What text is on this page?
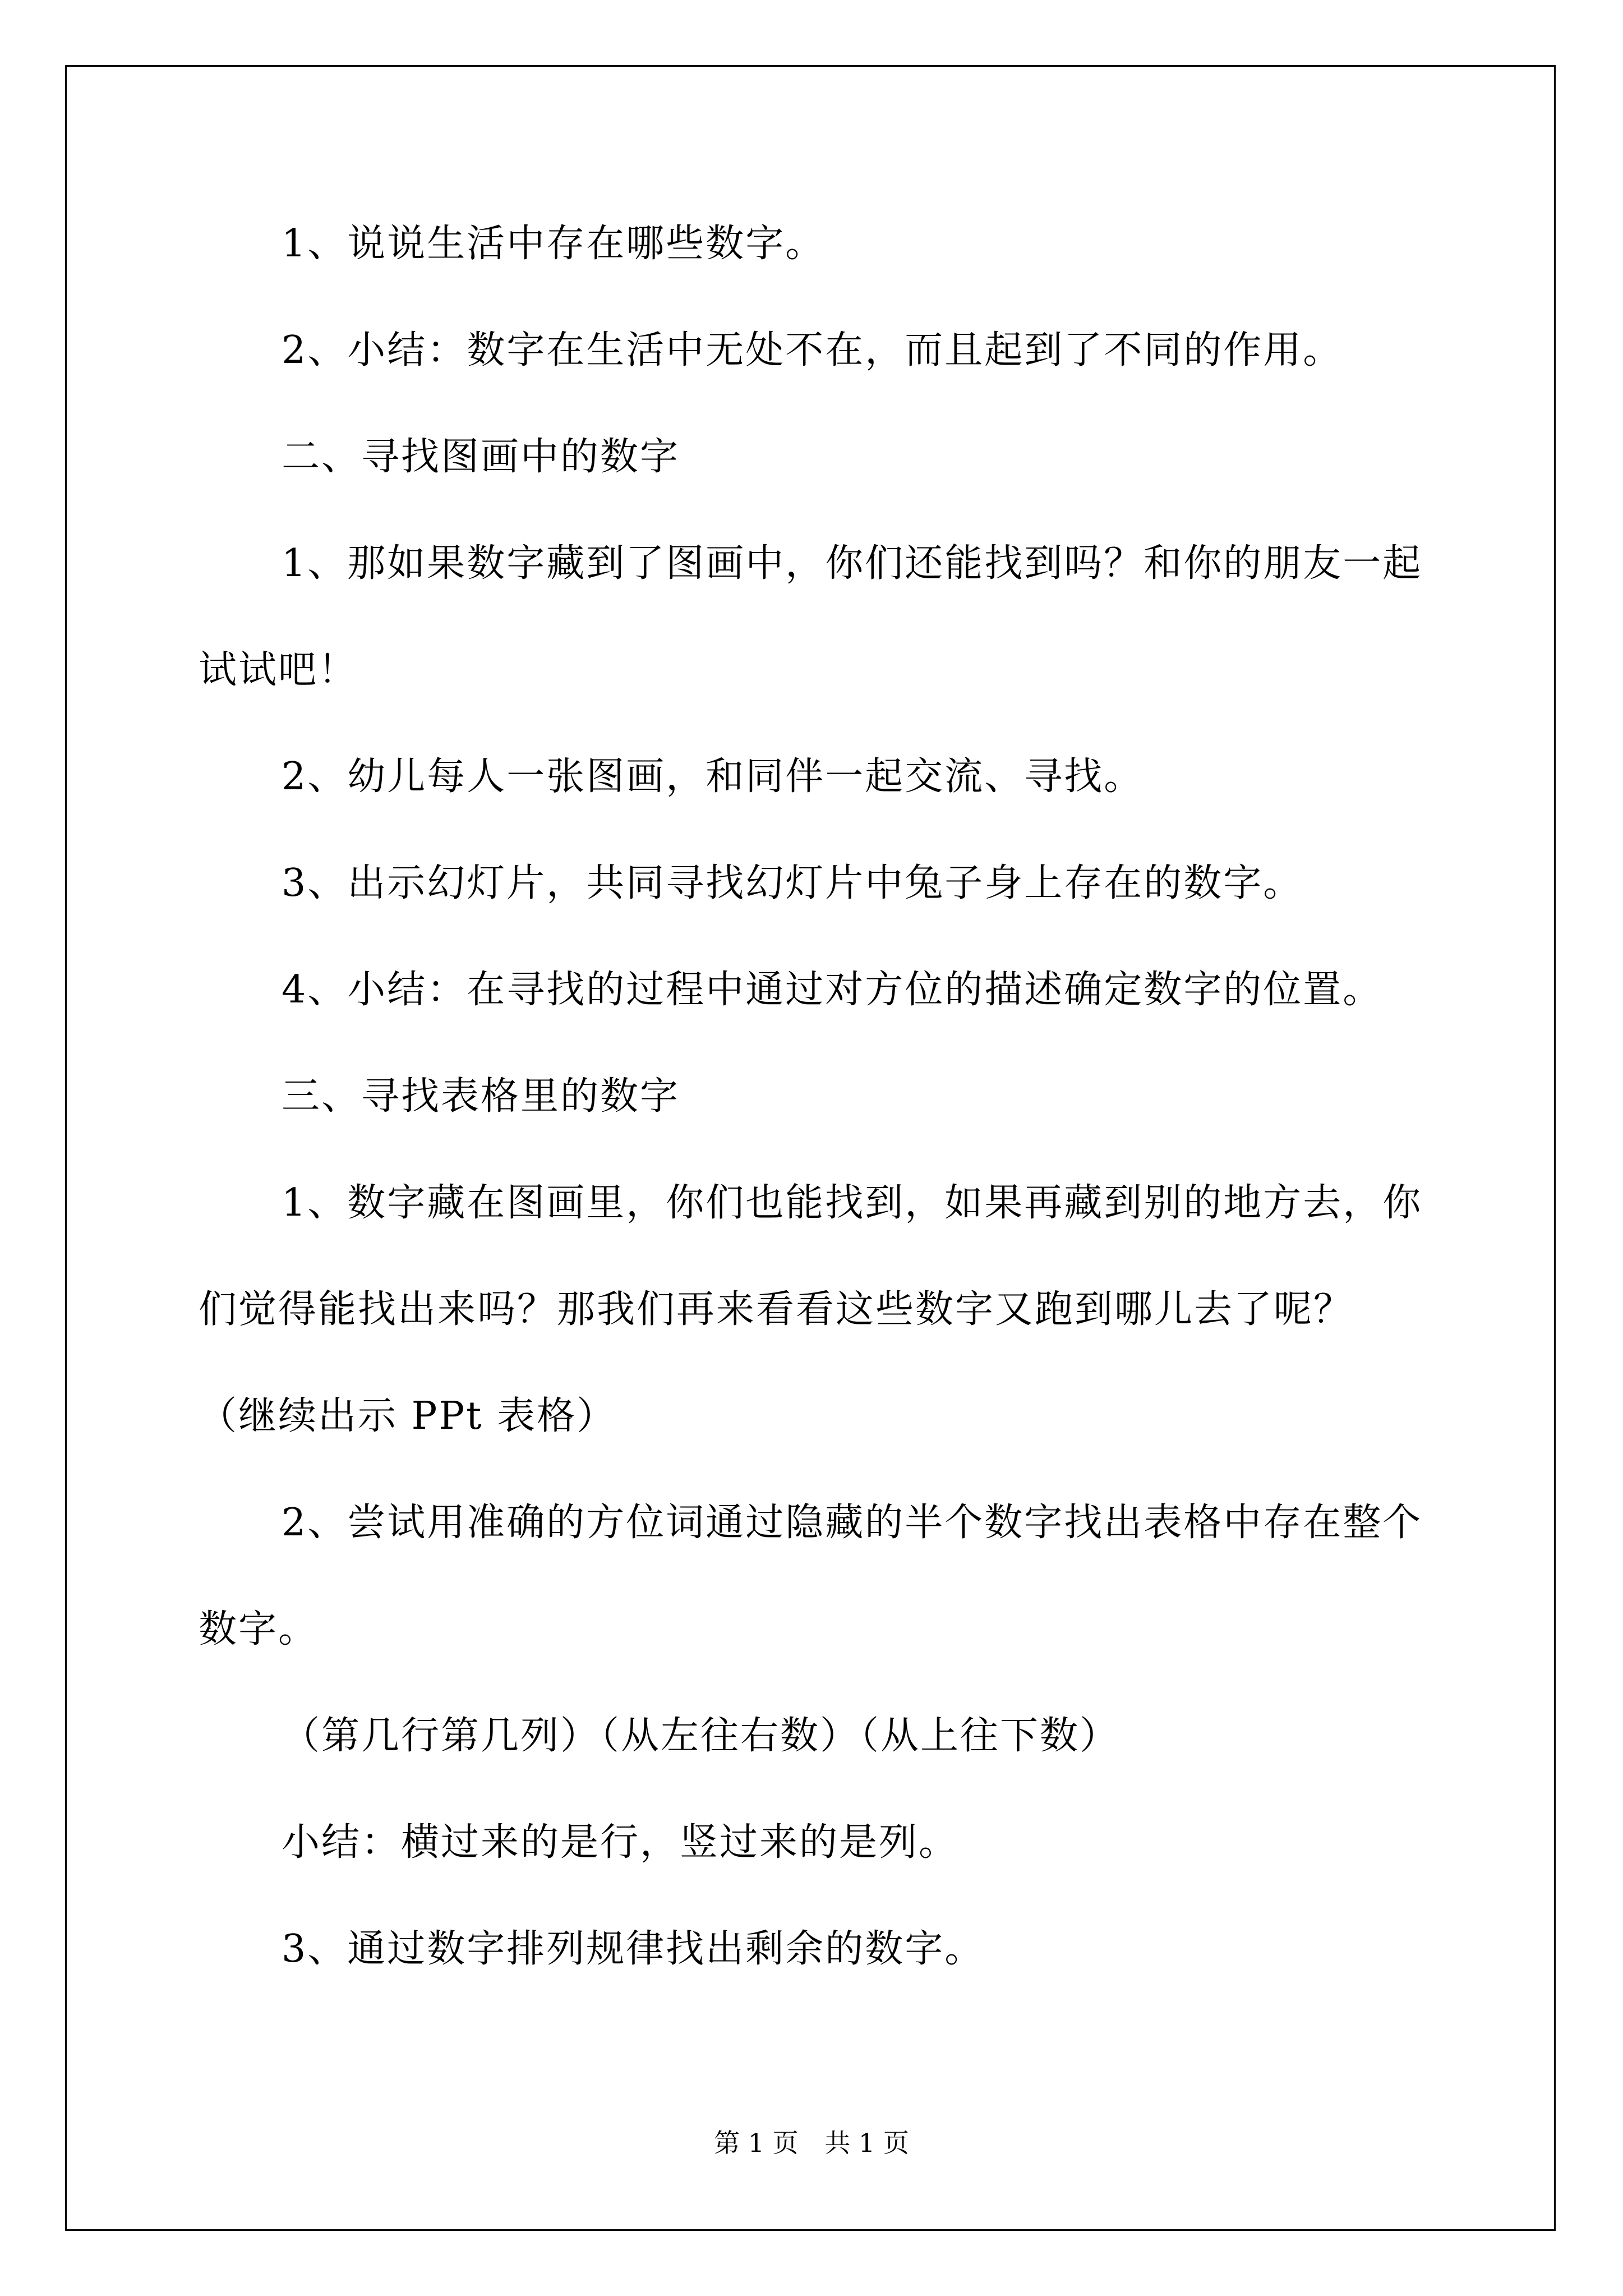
1、说说生活中存在哪些数字。

2、小结：数字在生活中无处不在，而且起到了不同的作用。

二、寻找图画中的数字

1、那如果数字藏到了图画中，你们还能找到吗？和你的朋友一起

试试吧！

2、幼儿每人一张图画，和同伴一起交流、寻找。

3、出示幻灯片，共同寻找幻灯片中兔子身上存在的数字。

4、小结：在寻找的过程中通过对方位的描述确定数字的位置。

三、寻找表格里的数字

1、数字藏在图画里，你们也能找到，如果再藏到别的地方去，你

们觉得能找出来吗？那我们再来看看这些数字又跑到哪儿去了呢？

（继续出示 PPt 表格）

2、尝试用准确的方位词通过隐藏的半个数字找出表格中存在整个

数字。

（第几行第几列）（从左往右数）（从上往下数）

小结：横过来的是行，竖过来的是列。

3、通过数字排列规律找出剩余的数字。

第 1 页 共 1 页
